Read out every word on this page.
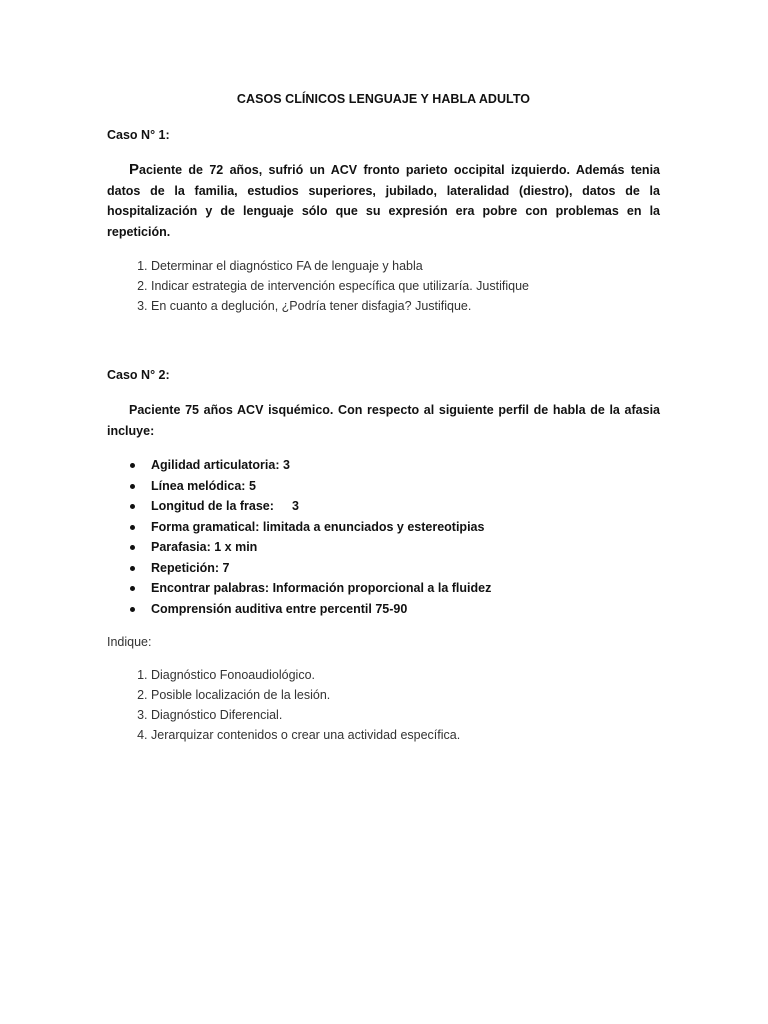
CASOS CLÍNICOS LENGUAJE Y HABLA ADULTO
Caso N° 1:

Paciente de 72 años, sufrió un ACV fronto parieto occipital izquierdo. Además tenia datos de la familia, estudios superiores, jubilado, lateralidad (diestro), datos de la hospitalización y de lenguaje sólo que su expresión era pobre con problemas en la repetición.

1. Determinar el diagnóstico FA de lenguaje y habla
2. Indicar estrategia de intervención específica que utilizaría. Justifique
3. En cuanto a deglución, ¿Podría tener disfagia? Justifique.
Caso N° 2:

Paciente 75 años ACV isquémico. Con respecto al siguiente perfil de habla de la afasia incluye:

Agilidad articulatoria: 3
Línea melódica: 5
Longitud de la frase: 3
Forma gramatical: limitada a enunciados y estereotipias
Parafasia: 1 x min
Repetición: 7
Encontrar palabras: Información proporcional a la fluidez
Comprensión auditiva entre percentil 75-90
Indique:
1. Diagnóstico Fonoaudiológico.
2. Posible localización de la lesión.
3. Diagnóstico Diferencial.
4. Jerarquizar contenidos o crear una actividad específica.
